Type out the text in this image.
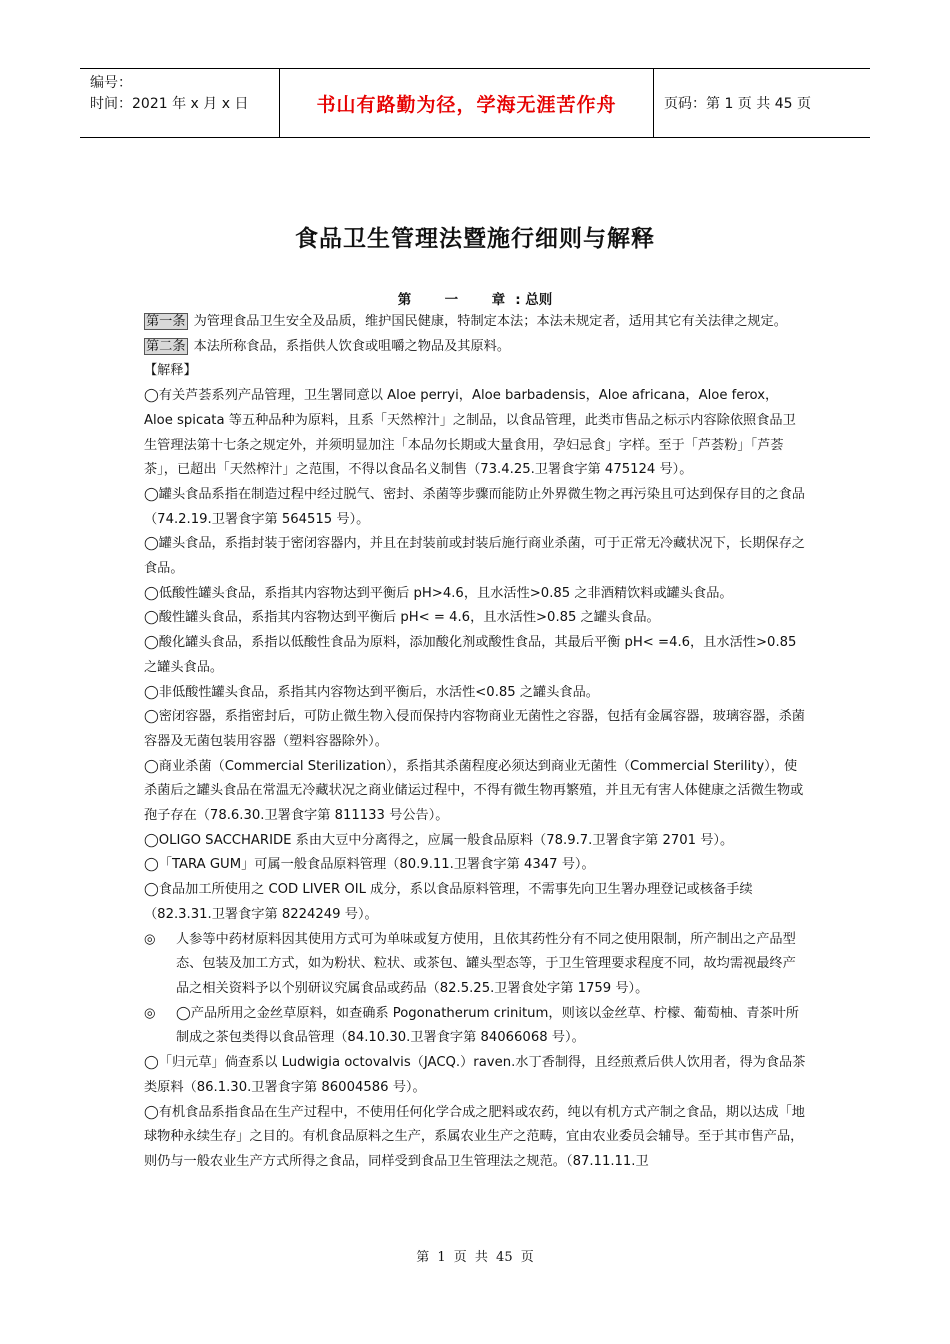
编号：
时间：2021 年 x 月 x 日	书山有路勤为径，学海无涯苦作舟	页码：第 1 页 共 45 页
食品卫生管理法暨施行细则与解释
第　一　章: 总则

第一条 为管理食品卫生安全及品质，维护国民健康，特制定本法；本法未规定者，适用其它有关法律之规定。

第二条 本法所称食品，系指供人饮食或咀嚼之物品及其原料。

【解释】

◯有关芦荟系列产品管理，卫生署同意以 Aloe perryi，Aloe barbadensis，Aloe africana，Aloe ferox，Aloe spicata 等五种品种为原料，且系「天然榨汁」之制品，以食品管理，此类市售品之标示内容除依照食品卫生管理法第十七条之规定外，并须明显加注「本品勿长期或大量食用，孕妇忌食」字样。至于「芦荟粉」「芦荟茶」，已超出「天然榨汁」之范围，不得以食品名义制售（73.4.25.卫署食字第 475124 号）。

◯罐头食品系指在制造过程中经过脱气、密封、杀菌等步骤而能防止外界微生物之再污染且可达到保存目的之食品（74.2.19.卫署食字第 564515 号）。

◯罐头食品，系指封装于密闭容器内，并且在封装前或封装后施行商业杀菌，可于正常无冷藏状况下，长期保存之食品。

◯低酸性罐头食品，系指其内容物达到平衡后 pH>4.6，且水活性>0.85 之非酒精饮料或罐头食品。

◯酸性罐头食品，系指其内容物达到平衡后 pH< = 4.6，且水活性>0.85 之罐头食品。

◯酸化罐头食品，系指以低酸性食品为原料，添加酸化剂或酸性食品，其最后平衡 pH< =4.6，且水活性>0.85 之罐头食品。

◯非低酸性罐头食品，系指其内容物达到平衡后，水活性<0.85 之罐头食品。

◯密闭容器，系指密封后，可防止微生物入侵而保持内容物商业无菌性之容器，包括有金属容器，玻璃容器，杀菌容器及无菌包装用容器（塑料容器除外）。

◯商业杀菌（Commercial Sterilization），系指其杀菌程度必须达到商业无菌性（Commercial Sterility），使杀菌后之罐头食品在常温无冷藏状况之商业储运过程中，不得有微生物再繁殖，并且无有害人体健康之活微生物或孢子存在（78.6.30.卫署食字第 811133 号公告）。

◯OLIGO SACCHARIDE 系由大豆中分离得之，应属一般食品原料（78.9.7.卫署食字第 2701 号）。

◯「TARA GUM」可属一般食品原料管理（80.9.11.卫署食字第 4347 号）。

◯食品加工所使用之 COD LIVER OIL 成分，系以食品原料管理，不需事先向卫生署办理登记或核备手续（82.3.31.卫署食字第 8224249 号）。

◎	人参等中药材原料因其使用方式可为单味或复方使用，且依其药性分有不同之使用限制，所产制出之产品型态、包装及加工方式，如为粉状、粒状、或茶包、罐头型态等，于卫生管理要求程度不同，故均需视最终产品之相关资料予以个别研议究属食品或药品（82.5.25.卫署食处字第 1759 号）。
◎	◯产品所用之金丝草原料，如查确系 Pogonatherum crinitum，则该以金丝草、柠檬、葡萄柚、青茶叶所制成之茶包类得以食品管理（84.10.30.卫署食字第 84066068 号）。

◯「归元草」倘查系以 Ludwigia octovalvis（JACQ.）raven.水丁香制得，且经煎煮后供人饮用者，得为食品茶类原料（86.1.30.卫署食字第 86004586 号）。

◯有机食品系指食品在生产过程中，不使用任何化学合成之肥料或农药，纯以有机方式产制之食品，期以达成「地球物种永续生存」之目的。有机食品原料之生产，系属农业生产之范畴，宜由农业委员会辅导。至于其市售产品，则仍与一般农业生产方式所得之食品，同样受到食品卫生管理法之规范。（87.11.11.卫

第 1 页 共 45 页
